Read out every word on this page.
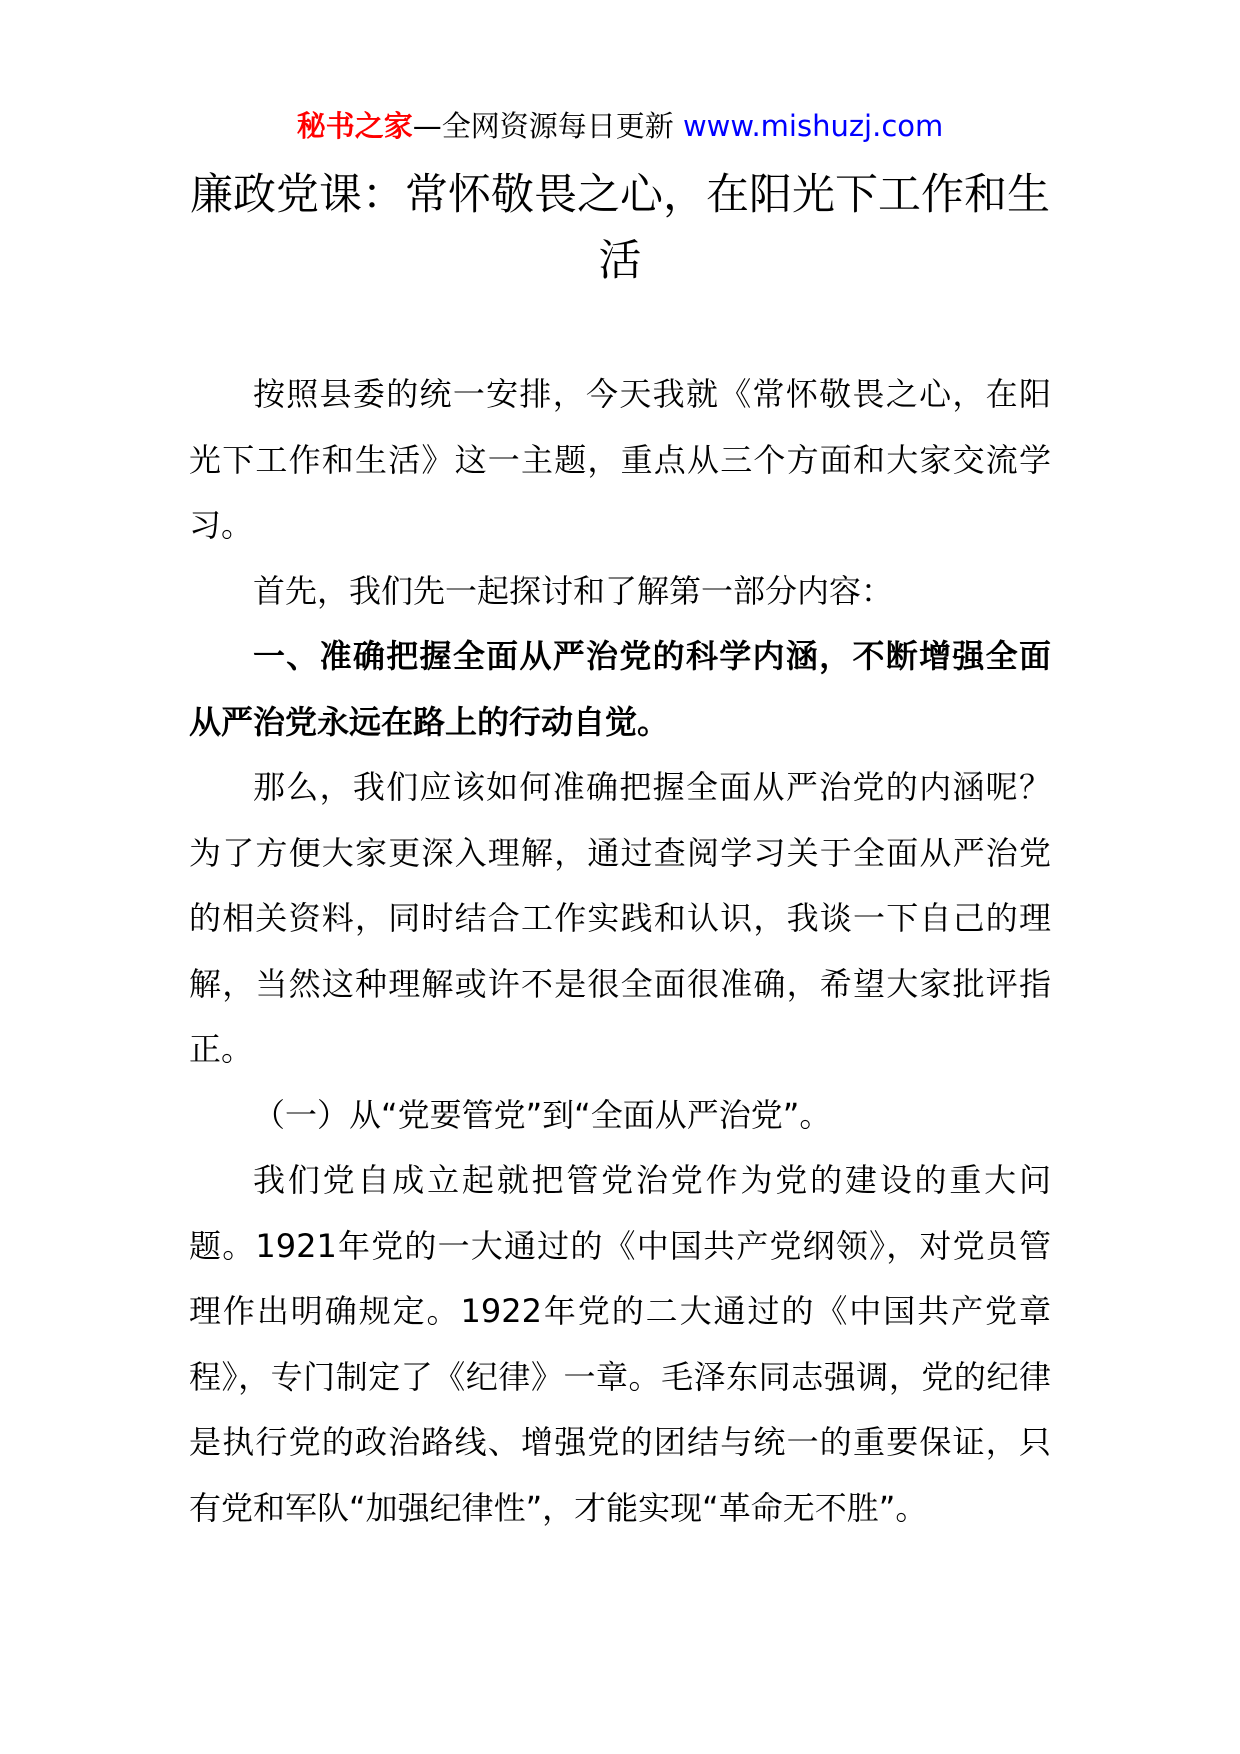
秘书之家—全网资源每日更新 www.mishuzj.com
廉政党课：常怀敬畏之心，在阳光下工作和生活

按照县委的统一安排，今天我就《常怀敬畏之心，在阳光下工作和生活》这一主题，重点从三个方面和大家交流学习。

首先，我们先一起探讨和了解第一部分内容：

一、准确把握全面从严治党的科学内涵，不断增强全面从严治党永远在路上的行动自觉。

那么，我们应该如何准确把握全面从严治党的内涵呢？为了方便大家更深入理解，通过查阅学习关于全面从严治党的相关资料，同时结合工作实践和认识，我谈一下自己的理解，当然这种理解或许不是很全面很准确，希望大家批评指正。

（一）从“党要管党”到“全面从严治党”。

我们党自成立起就把管党治党作为党的建设的重大问题。1921年党的一大通过的《中国共产党纲领》，对党员管理作出明确规定。1922年党的二大通过的《中国共产党章程》，专门制定了《纪律》一章。毛泽东同志强调，党的纪律是执行党的政治路线、增强党的团结与统一的重要保证，只有党和军队“加强纪律性”，才能实现“革命无不胜”。
